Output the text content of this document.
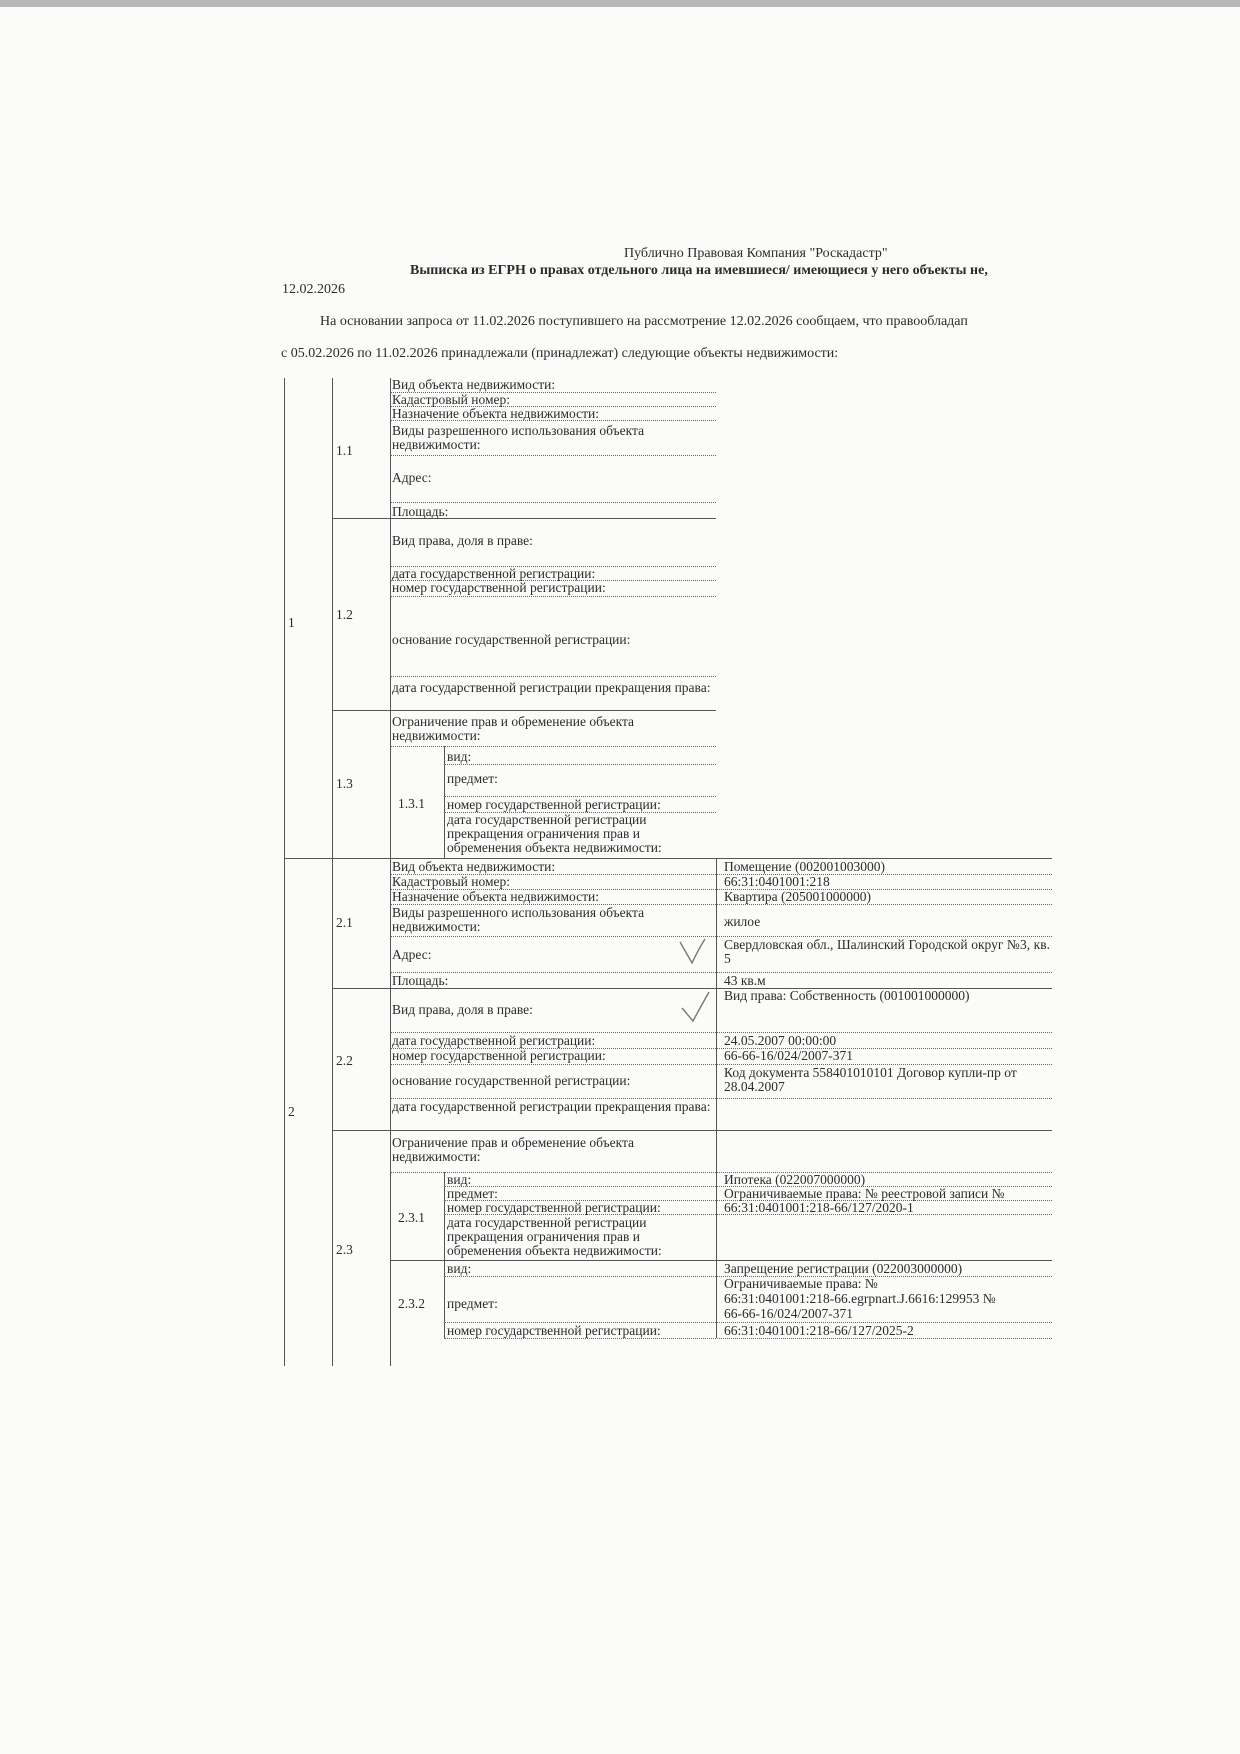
Публично Правовая Компания "Роскадастр"
Выписка из ЕГРН о правах отдельного лица на имевшиеся/ имеющиеся у него объекты не,
12.02.2026
На основании запроса от 11.02.2026 поступившего на рассмотрение 12.02.2026 сообщаем, что правообладап
с 05.02.2026 по 11.02.2026 принадлежали (принадлежат) следующие объекты недвижимости:
1
1.1
1.2
1.3
1.3.1
2
2.1
2.2
2.3
2.3.1
2.3.2
Вид объекта недвижимости:
Кадастровый номер:
Назначение объекта недвижимости:
Виды разрешенного использования объекта недвижимости:
Адрес:
Площадь:
Вид права, доля в праве:
дата государственной регистрации:
номер государственной регистрации:
основание государственной регистрации:
дата государственной регистрации прекращения права:
Ограничение прав и обременение объекта недвижимости:
вид:
предмет:
номер государственной регистрации:
дата государственной регистрации прекращения ограничения прав и обременения объекта недвижимости:
Вид объекта недвижимости:
Кадастровый номер:
Назначение объекта недвижимости:
Виды разрешенного использования объекта недвижимости:
Адрес:
Площадь:
Вид права, доля в праве:
дата государственной регистрации:
номер государственной регистрации:
основание государственной регистрации:
дата государственной регистрации прекращения права:
Ограничение прав и обременение объекта недвижимости:
вид:
предмет:
номер государственной регистрации:
дата государственной регистрации прекращения ограничения прав и обременения объекта недвижимости:
вид:
предмет:
номер государственной регистрации:
Помещение (002001003000)
66:31:0401001:218
Квартира (205001000000)
жилое
Свердловская обл., Шалинский Городской округ №3, кв. 5
43 кв.м
Вид права: Собственность (001001000000)
24.05.2007 00:00:00
66-66-16/024/2007-371
Код документа 558401010101 Договор купли-пр от 28.04.2007
Ипотека (022007000000)
Ограничиваемые права: № реестровой записи №
66:31:0401001:218-66/127/2020-1
Запрещение регистрации (022003000000)
Ограничиваемые права: №
66:31:0401001:218-66.egrpnart.J.6616:129953 №
66-66-16/024/2007-371
66:31:0401001:218-66/127/2025-2
